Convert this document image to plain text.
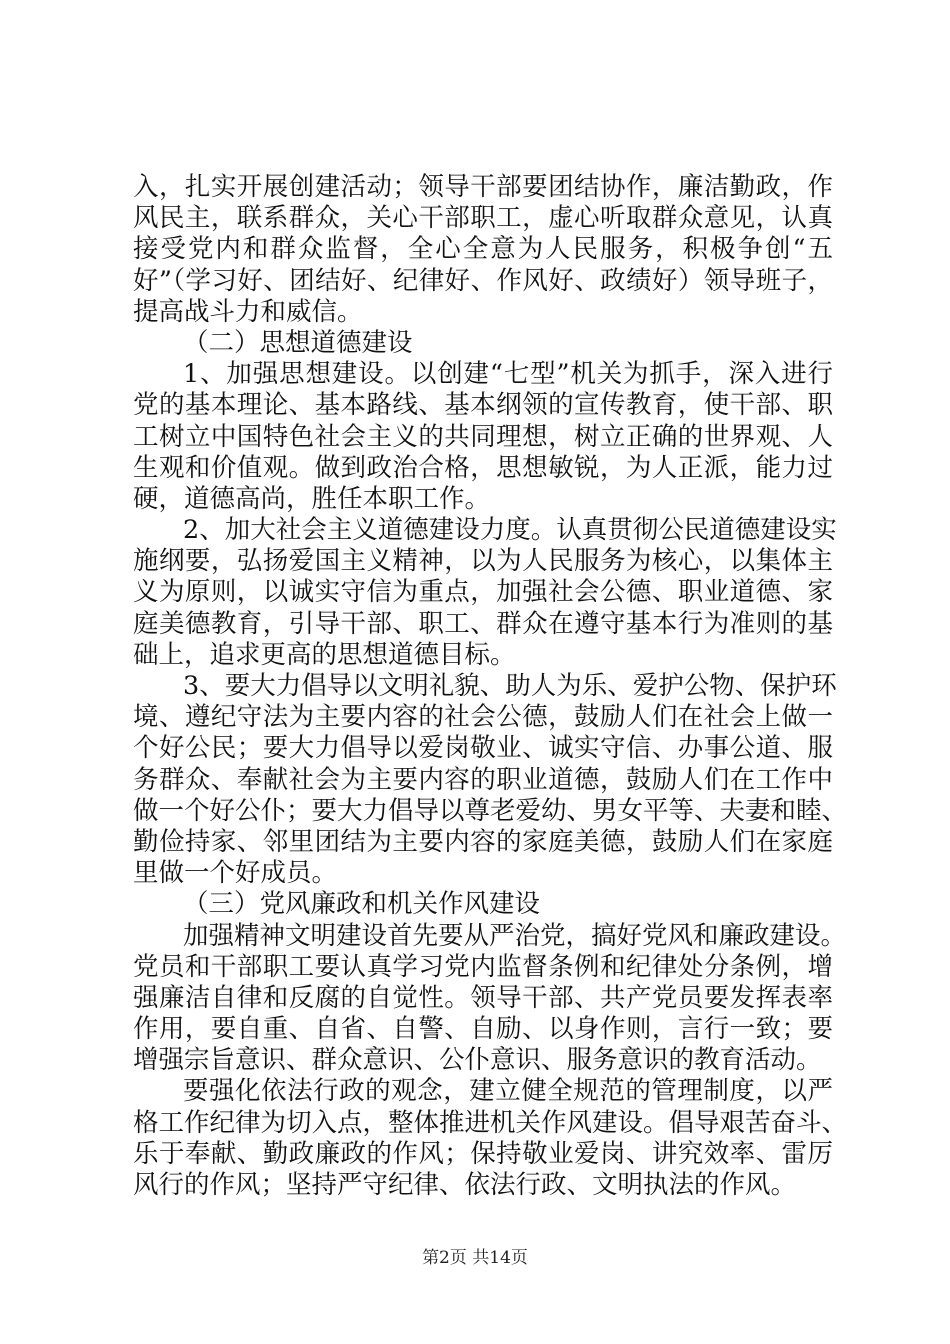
入，扎实开展创建活动；领导干部要团结协作，廉洁勤政，作
风民主，联系群众，关心干部职工，虚心听取群众意见，认真
接受党内和群众监督，全心全意为人民服务，积极争创“五
好”（学习好、团结好、纪律好、作风好、政绩好）领导班子，
提高战斗力和威信。
（二）思想道德建设
1、加强思想建设。以创建“七型”机关为抓手，深入进行
党的基本理论、基本路线、基本纲领的宣传教育，使干部、职
工树立中国特色社会主义的共同理想，树立正确的世界观、人
生观和价值观。做到政治合格，思想敏锐，为人正派，能力过
硬，道德高尚，胜任本职工作。
2、加大社会主义道德建设力度。认真贯彻公民道德建设实
施纲要，弘扬爱国主义精神，以为人民服务为核心，以集体主
义为原则，以诚实守信为重点，加强社会公德、职业道德、家
庭美德教育，引导干部、职工、群众在遵守基本行为准则的基
础上，追求更高的思想道德目标。
3、要大力倡导以文明礼貌、助人为乐、爱护公物、保护环
境、遵纪守法为主要内容的社会公德，鼓励人们在社会上做一
个好公民；要大力倡导以爱岗敬业、诚实守信、办事公道、服
务群众、奉献社会为主要内容的职业道德，鼓励人们在工作中
做一个好公仆；要大力倡导以尊老爱幼、男女平等、夫妻和睦、
勤俭持家、邻里团结为主要内容的家庭美德，鼓励人们在家庭
里做一个好成员。
（三）党风廉政和机关作风建设
加强精神文明建设首先要从严治党，搞好党风和廉政建设。
党员和干部职工要认真学习党内监督条例和纪律处分条例，增
强廉洁自律和反腐的自觉性。领导干部、共产党员要发挥表率
作用，要自重、自省、自警、自励、以身作则，言行一致；要
增强宗旨意识、群众意识、公仆意识、服务意识的教育活动。
要强化依法行政的观念，建立健全规范的管理制度，以严
格工作纪律为切入点，整体推进机关作风建设。倡导艰苦奋斗、
乐于奉献、勤政廉政的作风；保持敬业爱岗、讲究效率、雷厉
风行的作风；坚持严守纪律、依法行政、文明执法的作风。
第2页 共14页
